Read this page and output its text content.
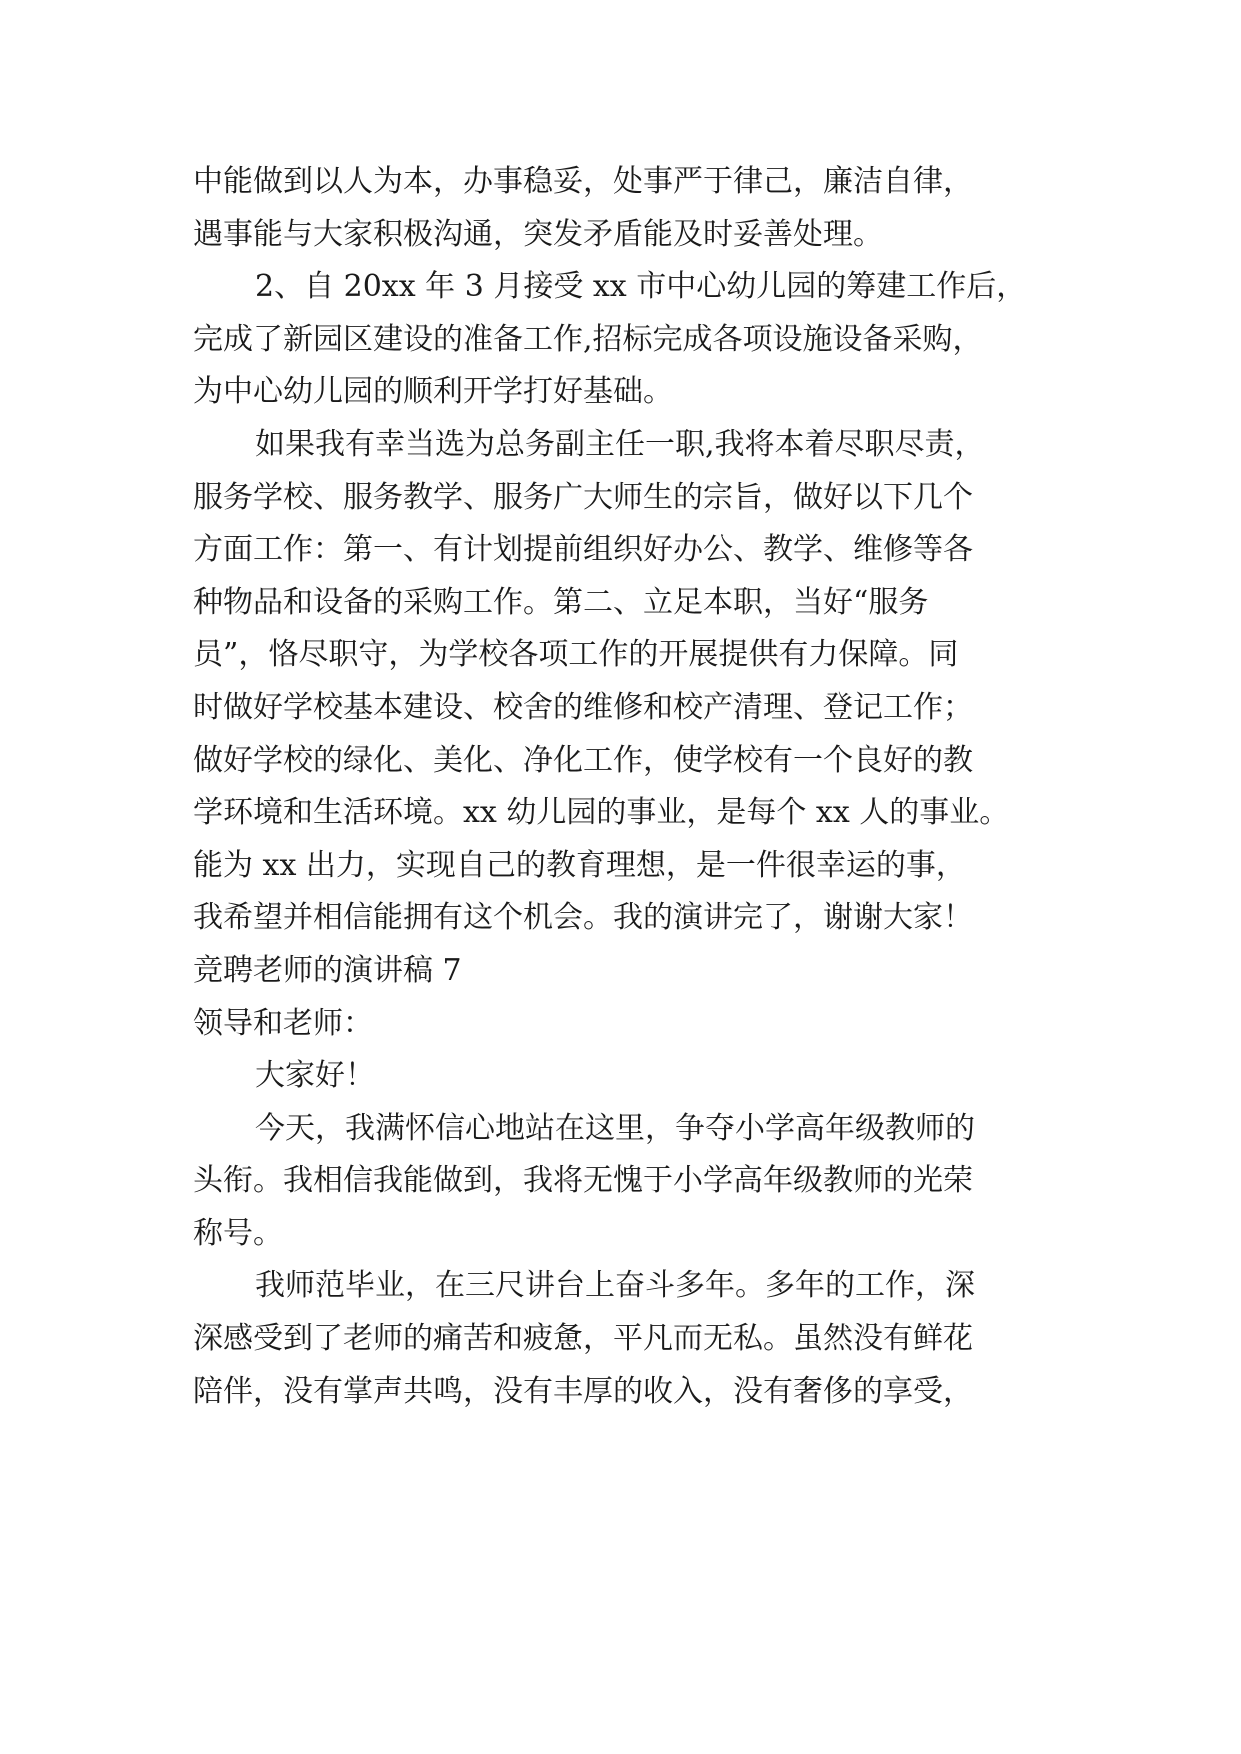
中能做到以人为本，办事稳妥，处事严于律己，廉洁自律，
遇事能与大家积极沟通，突发矛盾能及时妥善处理。
2、自 20xx 年 3 月接受 xx 市中心幼儿园的筹建工作后，
完成了新园区建设的准备工作,招标完成各项设施设备采购，
为中心幼儿园的顺利开学打好基础。
如果我有幸当选为总务副主任一职,我将本着尽职尽责，
服务学校、服务教学、服务广大师生的宗旨，做好以下几个
方面工作：第一、有计划提前组织好办公、教学、维修等各
种物品和设备的采购工作。第二、立足本职，当好“服务
员”，恪尽职守，为学校各项工作的开展提供有力保障。同
时做好学校基本建设、校舍的维修和校产清理、登记工作；
做好学校的绿化、美化、净化工作，使学校有一个良好的教
学环境和生活环境。xx 幼儿园的事业，是每个 xx 人的事业。
能为 xx 出力，实现自己的教育理想，是一件很幸运的事，
我希望并相信能拥有这个机会。我的演讲完了，谢谢大家！
竞聘老师的演讲稿 7
领导和老师：
大家好！
今天，我满怀信心地站在这里，争夺小学高年级教师的
头衔。我相信我能做到，我将无愧于小学高年级教师的光荣
称号。
我师范毕业，在三尺讲台上奋斗多年。多年的工作，深
深感受到了老师的痛苦和疲惫，平凡而无私。虽然没有鲜花
陪伴，没有掌声共鸣，没有丰厚的收入，没有奢侈的享受，
